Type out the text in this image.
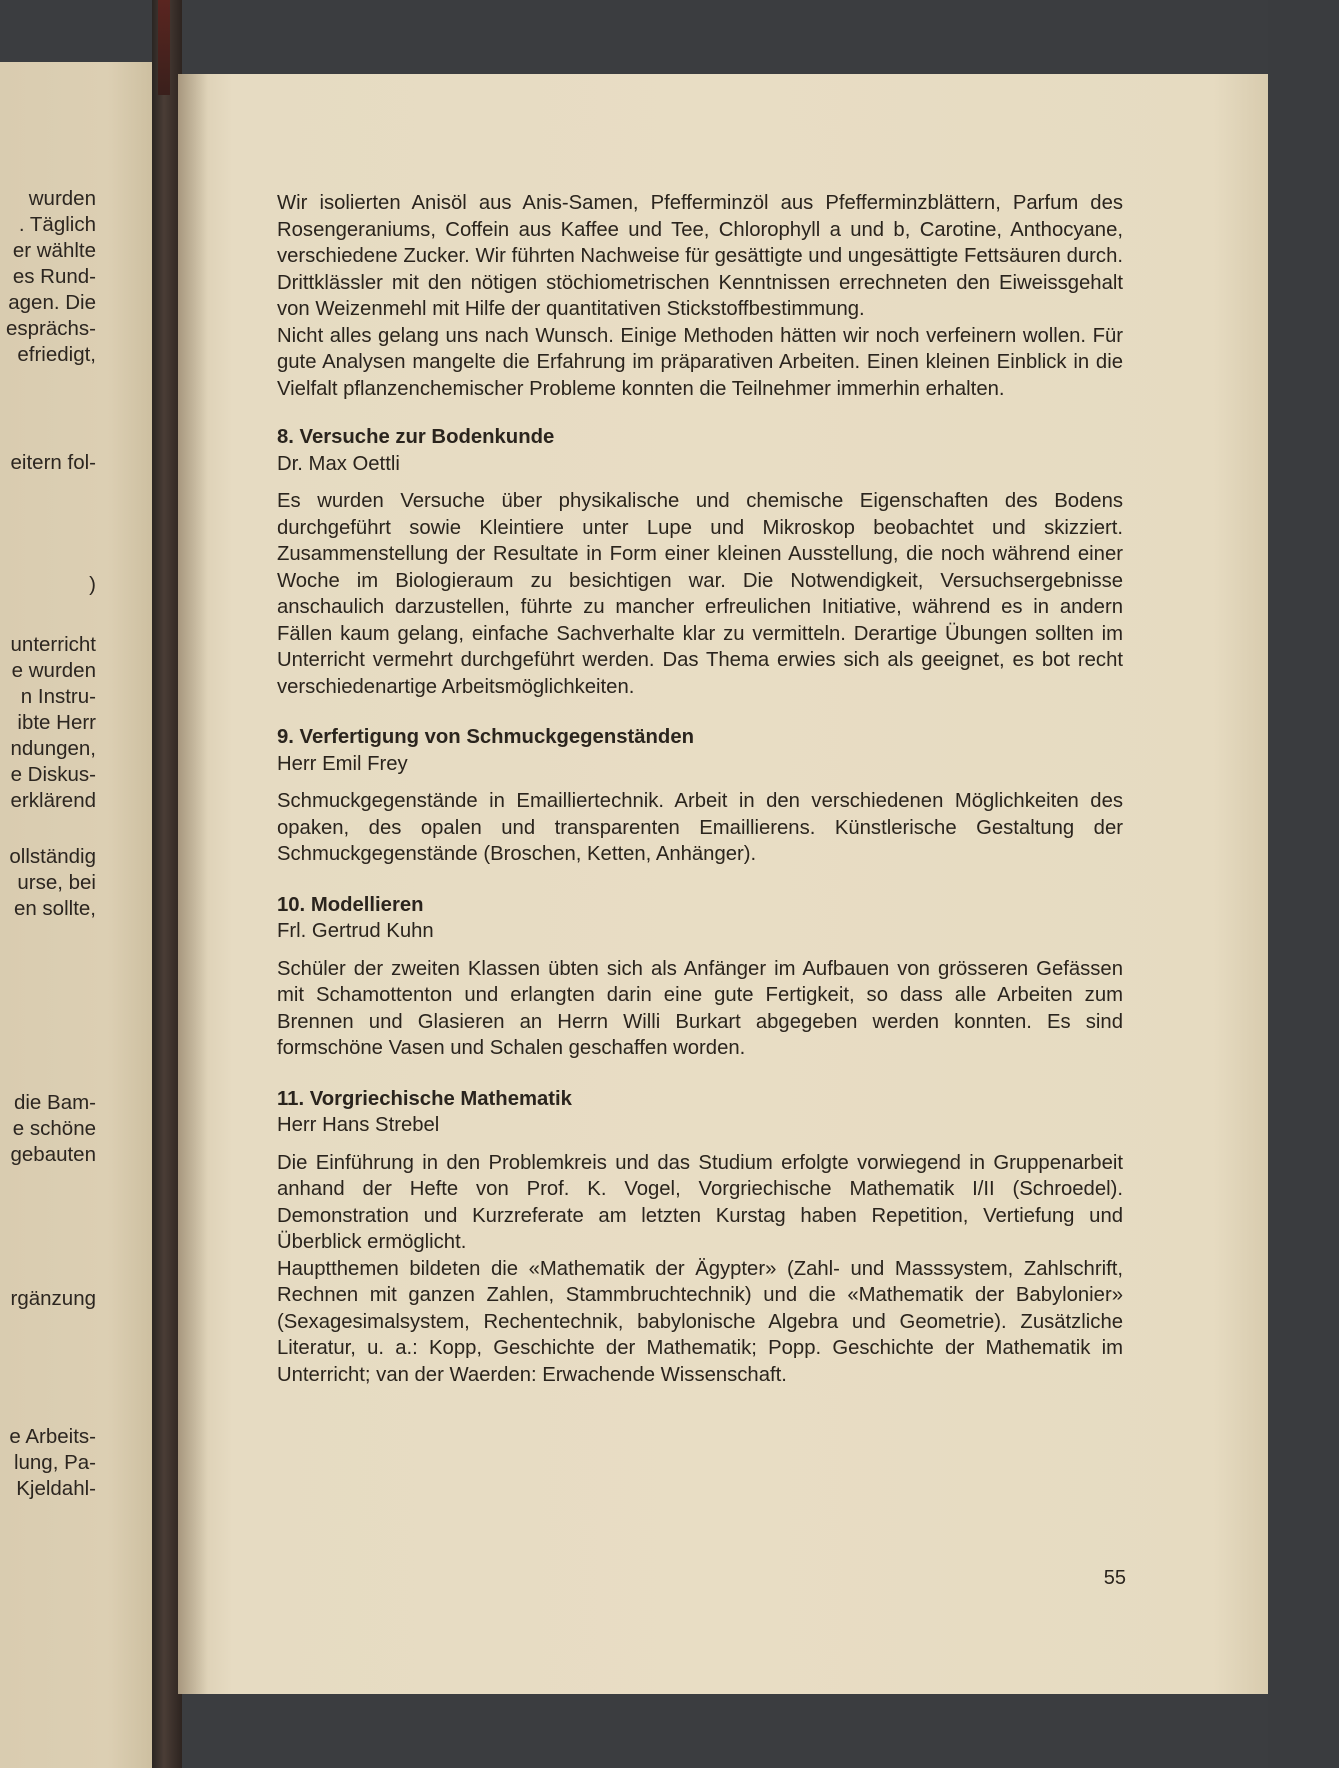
wurden
. Täglich
er wählte
es Rund-
agen. Die
esprächs-
efriedigt,
eitern fol-
)
unterricht
e wurden
n Instru-
ibte Herr
ndungen,
e Diskus-
erklärend
ollständig
urse, bei
en sollte,
die Bam-
e schöne
gebauten
rgänzung
e Arbeits-
lung, Pa-
Kjeldahl-

Wir isolierten Anisöl aus Anis-Samen, Pfefferminzöl aus Pfefferminzblättern, Parfum des Rosengeraniums, Coffein aus Kaffee und Tee, Chlorophyll a und b, Carotine, Anthocyane, verschiedene Zucker. Wir führten Nachweise für gesättigte und ungesättigte Fettsäuren durch. Drittklässler mit den nötigen stöchiometrischen Kenntnissen errechneten den Eiweissgehalt von Weizenmehl mit Hilfe der quantitativen Stickstoffbestimmung.

Nicht alles gelang uns nach Wunsch. Einige Methoden hätten wir noch verfeinern wollen. Für gute Analysen mangelte die Erfahrung im präparativen Arbeiten. Einen kleinen Einblick in die Vielfalt pflanzenchemischer Probleme konnten die Teilnehmer immerhin erhalten.

8. Versuche zur Bodenkunde
Dr. Max Oettli

Es wurden Versuche über physikalische und chemische Eigenschaften des Bodens durchgeführt sowie Kleintiere unter Lupe und Mikroskop beobachtet und skizziert. Zusammenstellung der Resultate in Form einer kleinen Ausstellung, die noch während einer Woche im Biologieraum zu besichtigen war. Die Notwendigkeit, Versuchsergebnisse anschaulich darzustellen, führte zu mancher erfreulichen Initiative, während es in andern Fällen kaum gelang, einfache Sachverhalte klar zu vermitteln. Derartige Übungen sollten im Unterricht vermehrt durchgeführt werden. Das Thema erwies sich als geeignet, es bot recht verschiedenartige Arbeitsmöglichkeiten.

9. Verfertigung von Schmuckgegenständen
Herr Emil Frey

Schmuckgegenstände in Emailliertechnik. Arbeit in den verschiedenen Möglichkeiten des opaken, des opalen und transparenten Emaillierens. Künstlerische Gestaltung der Schmuckgegenstände (Broschen, Ketten, Anhänger).

10. Modellieren
Frl. Gertrud Kuhn

Schüler der zweiten Klassen übten sich als Anfänger im Aufbauen von grösseren Gefässen mit Schamottenton und erlangten darin eine gute Fertigkeit, so dass alle Arbeiten zum Brennen und Glasieren an Herrn Willi Burkart abgegeben werden konnten. Es sind formschöne Vasen und Schalen geschaffen worden.

11. Vorgriechische Mathematik
Herr Hans Strebel

Die Einführung in den Problemkreis und das Studium erfolgte vorwiegend in Gruppenarbeit anhand der Hefte von Prof. K. Vogel, Vorgriechische Mathematik I/II (Schroedel). Demonstration und Kurzreferate am letzten Kurstag haben Repetition, Vertiefung und Überblick ermöglicht.

Hauptthemen bildeten die «Mathematik der Ägypter» (Zahl- und Masssystem, Zahlschrift, Rechnen mit ganzen Zahlen, Stammbruchtechnik) und die «Mathematik der Babylonier» (Sexagesimalsystem, Rechentechnik, babylonische Algebra und Geometrie). Zusätzliche Literatur, u. a.: Kopp, Geschichte der Mathematik; Popp. Geschichte der Mathematik im Unterricht; van der Waerden: Erwachende Wissenschaft.

55
